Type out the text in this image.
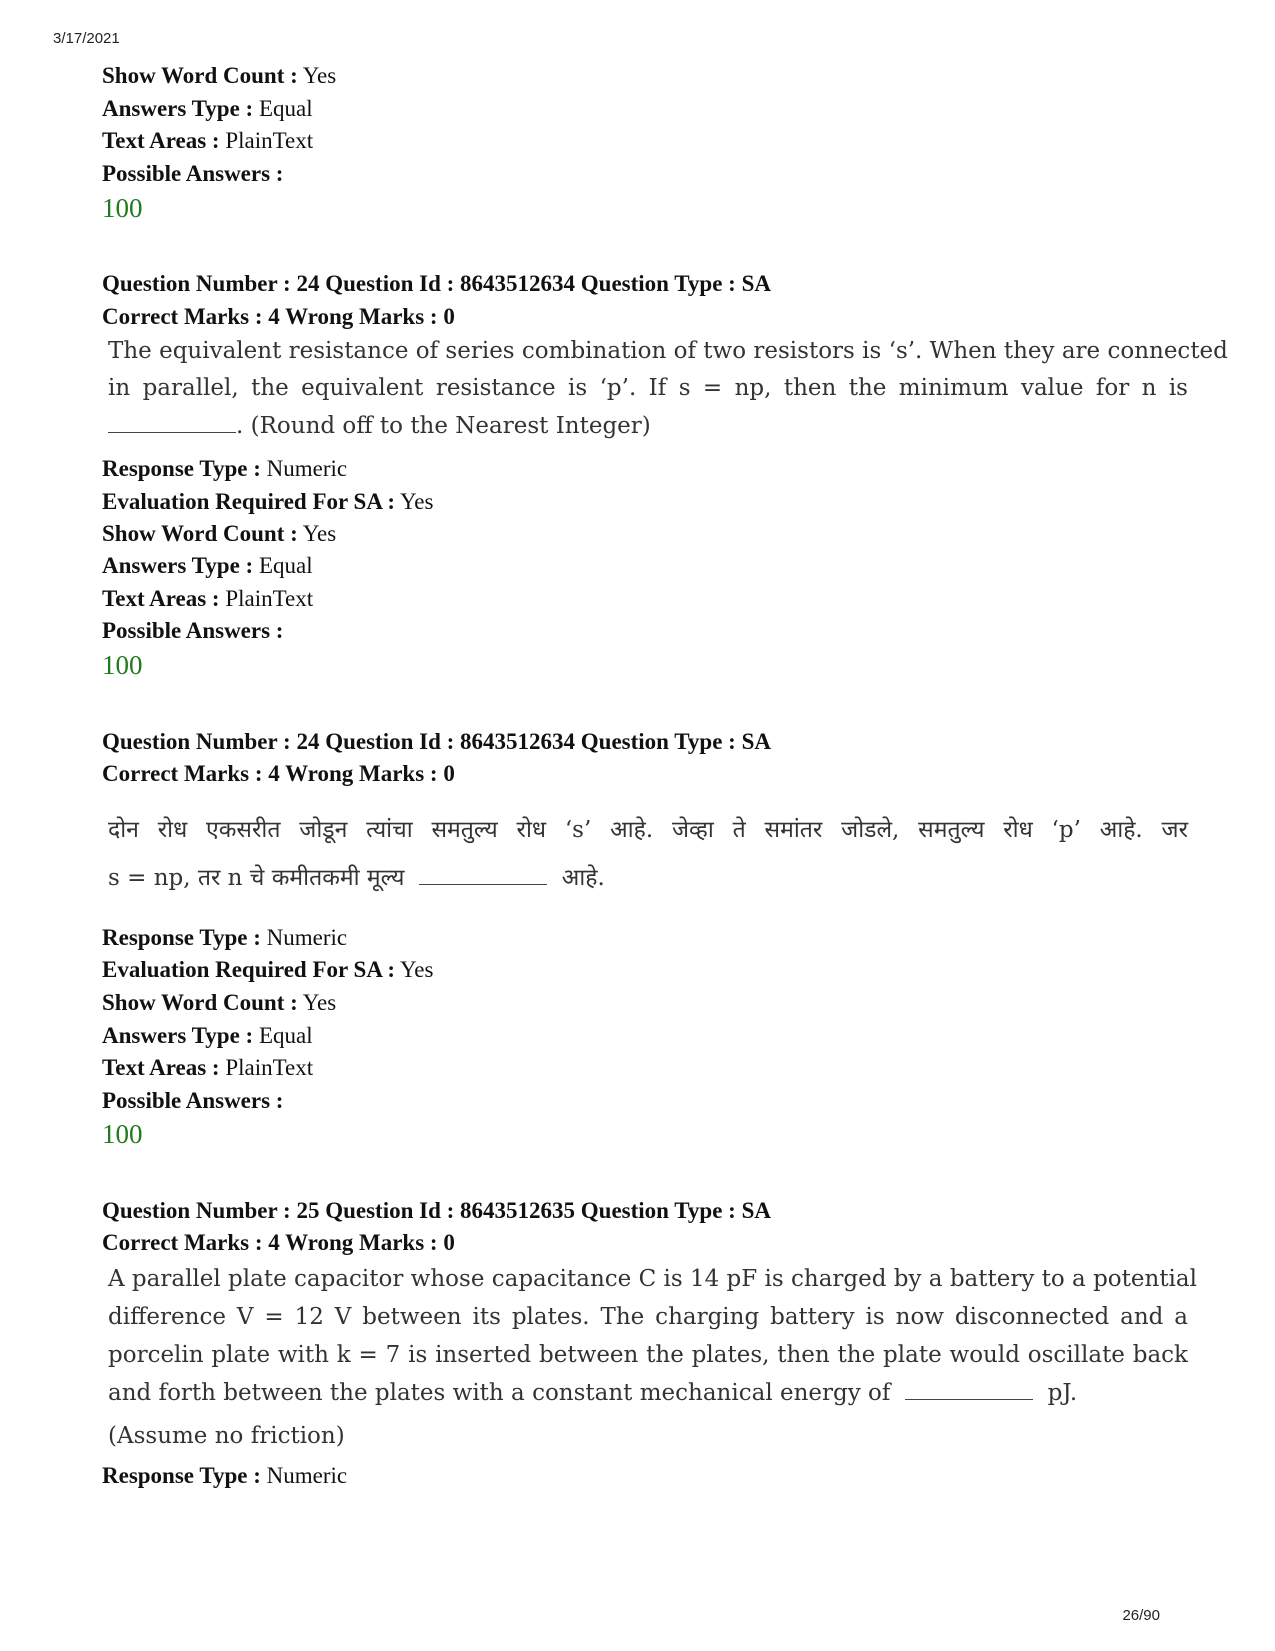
3/17/2021
Show Word Count : Yes
Answers Type : Equal
Text Areas : PlainText
Possible Answers :
100
Question Number : 24 Question Id : 8643512634 Question Type : SA
Correct Marks : 4 Wrong Marks : 0
The equivalent resistance of series combination of two resistors is ‘s’. When they are connected
in parallel, the equivalent resistance is ‘p’. If s = np, then the minimum value for n is
. (Round off to the Nearest Integer)
Response Type : Numeric
Evaluation Required For SA : Yes
Show Word Count : Yes
Answers Type : Equal
Text Areas : PlainText
Possible Answers :
100
Question Number : 24 Question Id : 8643512634 Question Type : SA
Correct Marks : 4 Wrong Marks : 0
दोन रोध एकसरीत जोडून त्यांचा समतुल्य रोध ‘s’ आहे. जेव्हा ते समांतर जोडले, समतुल्य रोध ‘p’ आहे. जर
s = np, तर n चे कमीतकमी मूल्य	आहे.
Response Type : Numeric
Evaluation Required For SA : Yes
Show Word Count : Yes
Answers Type : Equal
Text Areas : PlainText
Possible Answers :
100
Question Number : 25 Question Id : 8643512635 Question Type : SA
Correct Marks : 4 Wrong Marks : 0
A parallel plate capacitor whose capacitance C is 14 pF is charged by a battery to a potential
difference V = 12 V between its plates. The charging battery is now disconnected and a
porcelin plate with k = 7 is inserted between the plates, then the plate would oscillate back
and forth between the plates with a constant mechanical energy of	pJ.
(Assume no friction)
Response Type : Numeric
26/90
